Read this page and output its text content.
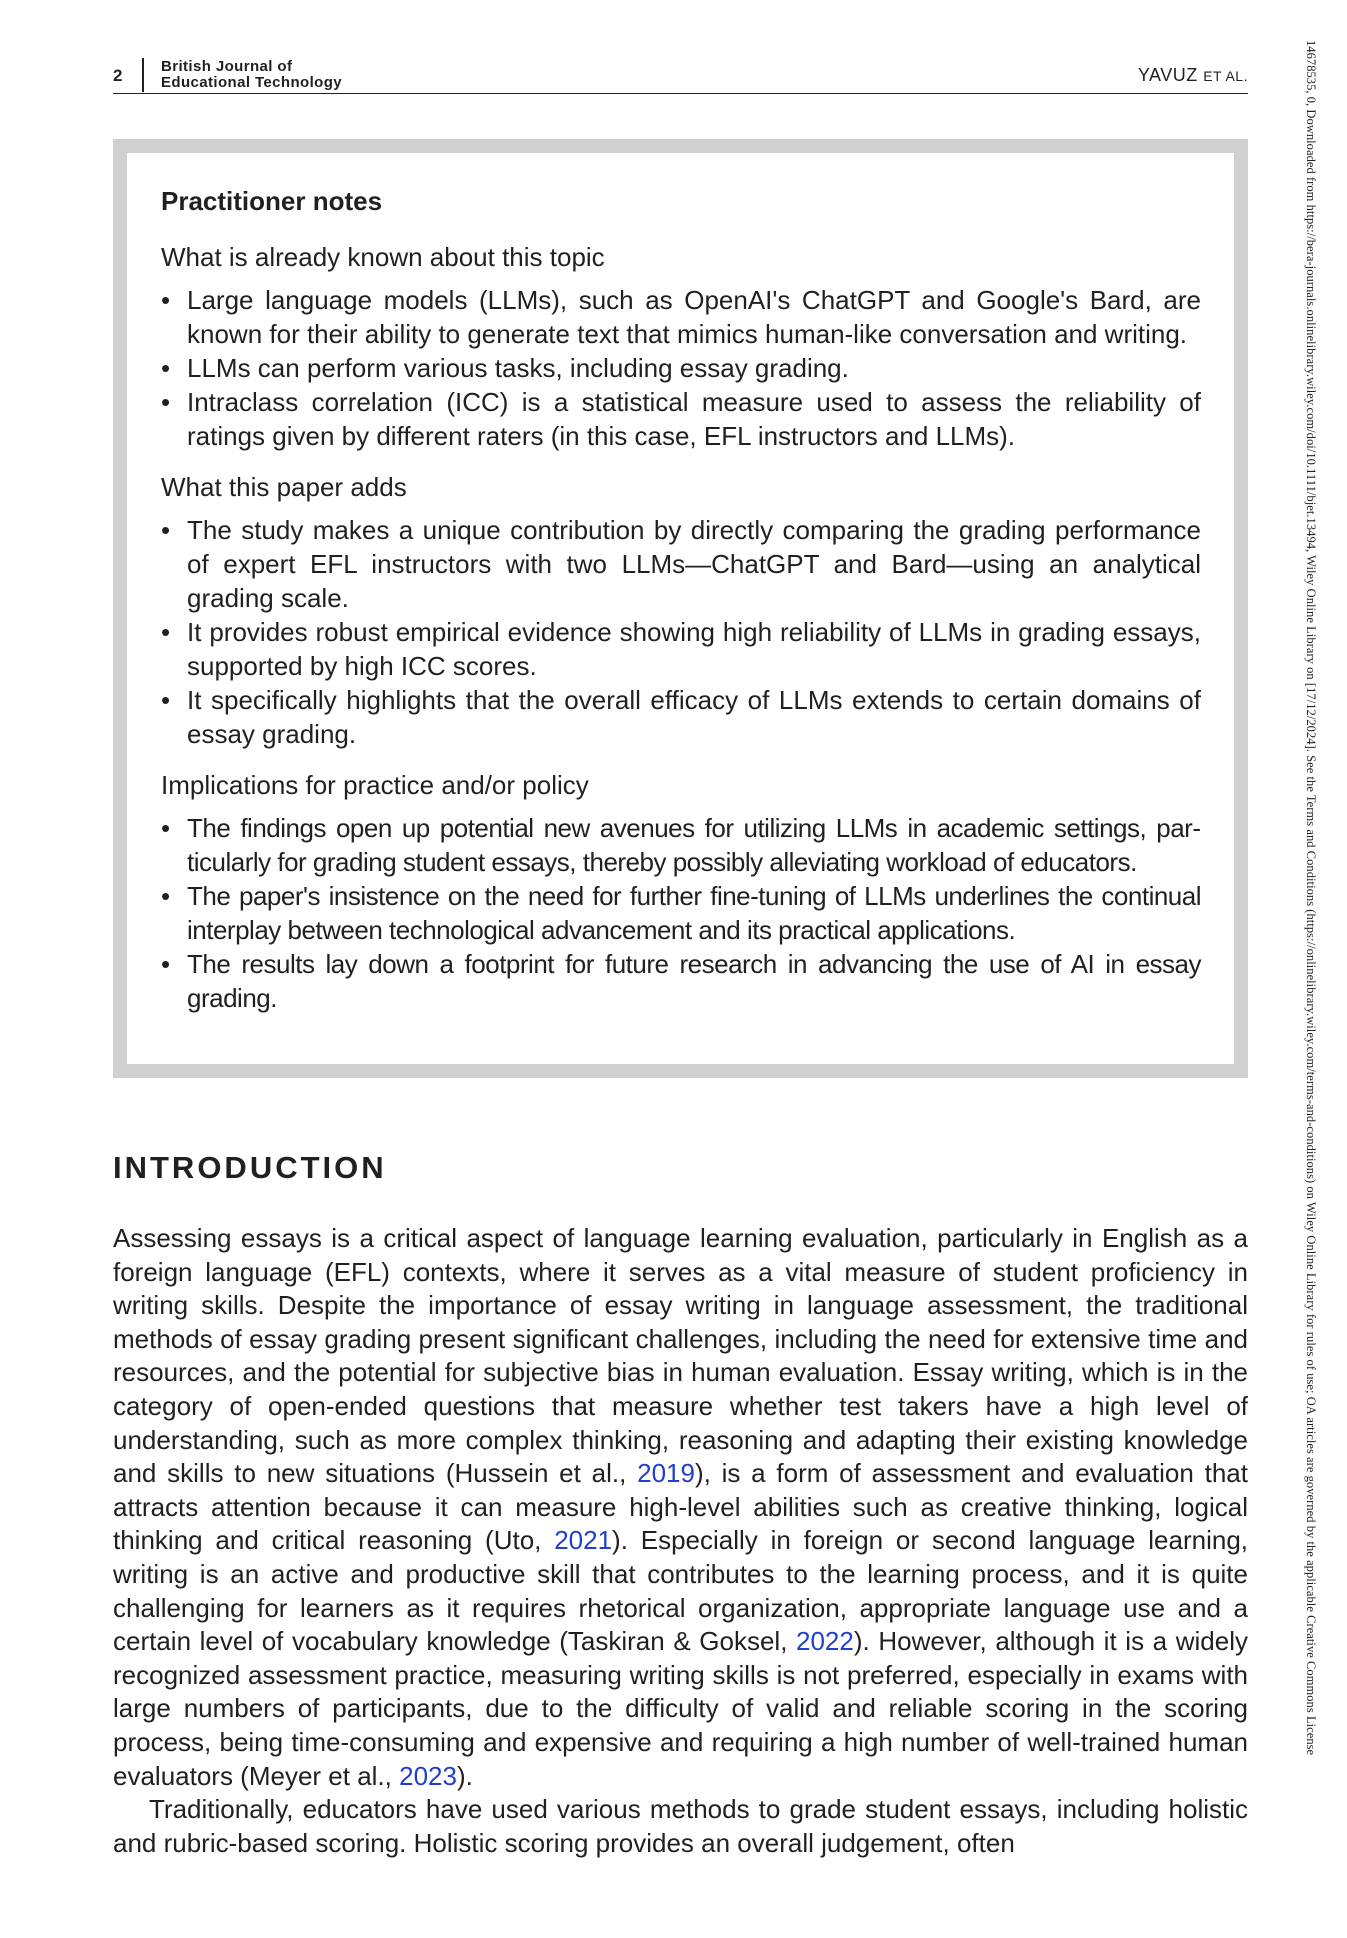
2	British Journal of
Educational Technology	YAVUZ ET AL.
Practitioner notes
What is already known about this topic
• Large language models (LLMs), such as OpenAI's ChatGPT and Google's Bard, are known for their ability to generate text that mimics human-like conversation and writing.
• LLMs can perform various tasks, including essay grading.
• Intraclass correlation (ICC) is a statistical measure used to assess the reliability of ratings given by different raters (in this case, EFL instructors and LLMs).
What this paper adds
• The study makes a unique contribution by directly comparing the grading performance of expert EFL instructors with two LLMs—ChatGPT and Bard—using an analytical grading scale.
• It provides robust empirical evidence showing high reliability of LLMs in grading essays, supported by high ICC scores.
• It specifically highlights that the overall efficacy of LLMs extends to certain domains of essay grading.
Implications for practice and/or policy
• The findings open up potential new avenues for utilizing LLMs in academic settings, particularly for grading student essays, thereby possibly alleviating workload of educators.
• The paper's insistence on the need for further fine-tuning of LLMs underlines the continual interplay between technological advancement and its practical applications.
• The results lay down a footprint for future research in advancing the use of AI in essay grading.
INTRODUCTION

Assessing essays is a critical aspect of language learning evaluation, particularly in English as a foreign language (EFL) contexts, where it serves as a vital measure of student proficiency in writing skills. Despite the importance of essay writing in language assessment, the traditional methods of essay grading present significant challenges, including the need for extensive time and resources, and the potential for subjective bias in human evaluation. Essay writing, which is in the category of open-ended questions that measure whether test takers have a high level of understanding, such as more complex thinking, reasoning and adapting their existing knowledge and skills to new situations (Hussein et al., 2019), is a form of assessment and evaluation that attracts attention because it can measure high-level abilities such as creative thinking, logical thinking and critical reasoning (Uto, 2021). Especially in foreign or second language learning, writing is an active and productive skill that contributes to the learning process, and it is quite challenging for learners as it requires rhetorical organization, appropriate language use and a certain level of vocabulary knowledge (Taskiran & Goksel, 2022). However, although it is a widely recognized assessment practice, measuring writing skills is not preferred, especially in exams with large numbers of participants, due to the difficulty of valid and reliable scoring in the scoring process, being time-consuming and expensive and requiring a high number of well-trained human evaluators (Meyer et al., 2023).

Traditionally, educators have used various methods to grade student essays, including holistic and rubric-based scoring. Holistic scoring provides an overall judgement, often

14678535, 0, Downloaded from https://bera-journals.onlinelibrary.wiley.com/doi/10.1111/bjet.13494, Wiley Online Library on [17/12/2024]. See the Terms and Conditions (https://onlinelibrary.wiley.com/terms-and-conditions) on Wiley Online Library for rules of use; OA articles are governed by the applicable Creative Commons License
